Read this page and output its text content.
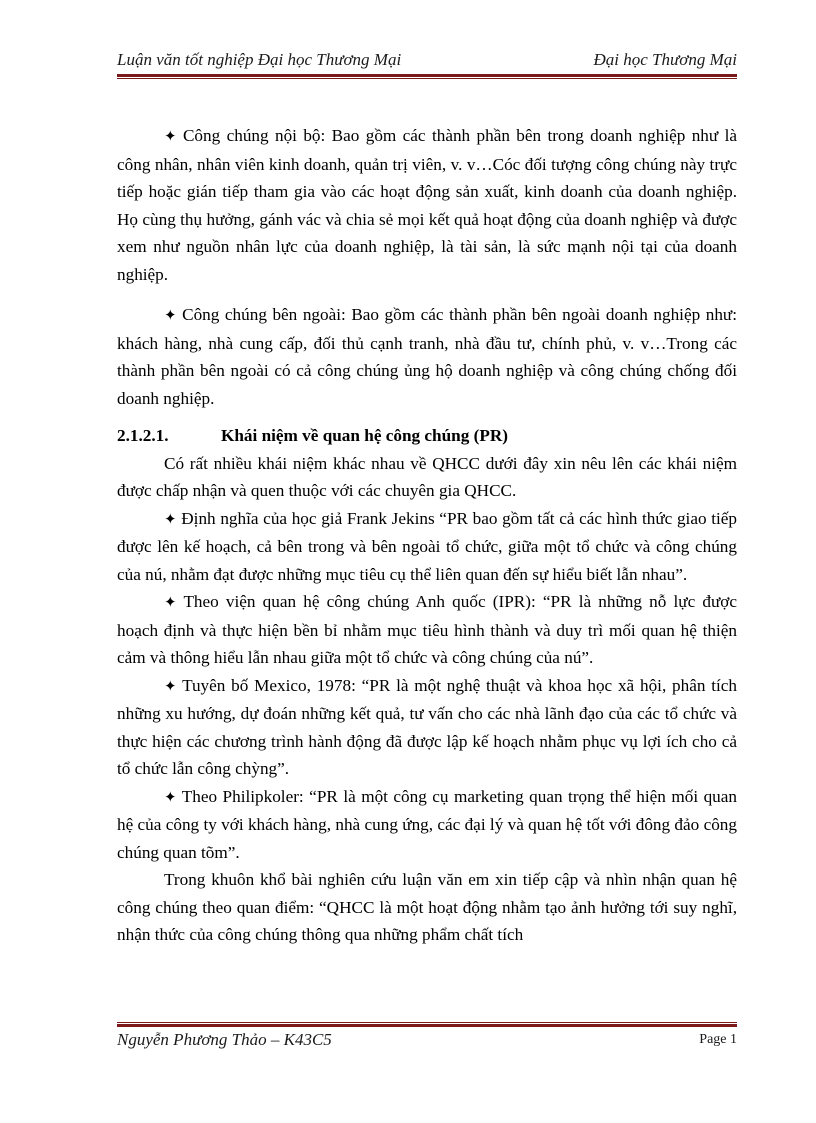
Luận văn tốt nghiệp Đại học Thương Mại	Đại học Thương Mại

✦ Công chúng nội bộ: Bao gồm các thành phần bên trong doanh nghiệp như là công nhân, nhân viên kinh doanh, quản trị viên, v. v…Cóc đối tượng công chúng này trực tiếp hoặc gián tiếp tham gia vào các hoạt động sản xuất, kinh doanh của doanh nghiệp. Họ cùng thụ hưởng, gánh vác và chia sẻ mọi kết quả hoạt động của doanh nghiệp và được xem như nguồn nhân lực của doanh nghiệp, là tài sản, là sức mạnh nội tại của doanh nghiệp.

✦ Công chúng bên ngoài: Bao gồm các thành phần bên ngoài doanh nghiệp như: khách hàng, nhà cung cấp, đối thủ cạnh tranh, nhà đầu tư, chính phủ, v. v…Trong các thành phần bên ngoài có cả công chúng ủng hộ doanh nghiệp và công chúng chống đối doanh nghiệp.

2.1.2.1.	Khái niệm về quan hệ công chúng (PR)

Có rất nhiều khái niệm khác nhau về QHCC dưới đây xin nêu lên các khái niệm được chấp nhận và quen thuộc với các chuyên gia QHCC.

✦ Định nghĩa của học giả Frank Jekins “PR bao gồm tất cả các hình thức giao tiếp được lên kế hoạch, cả bên trong và bên ngoài tổ chức, giữa một tổ chức và công chúng của nú, nhằm đạt được những mục tiêu cụ thể liên quan đến sự hiểu biết lẫn nhau”.

✦ Theo viện quan hệ công chúng Anh quốc (IPR): “PR là những nỗ lực được hoạch định và thực hiện bền bỉ nhằm mục tiêu hình thành và duy trì mối quan hệ thiện cảm và thông hiểu lẫn nhau giữa một tổ chức và công chúng của nú”.

✦ Tuyên bố Mexico, 1978: “PR là một nghệ thuật và khoa học xã hội, phân tích những xu hướng, dự đoán những kết quả, tư vấn cho các nhà lãnh đạo của các tổ chức và thực hiện các chương trình hành động đã được lập kế hoạch nhằm phục vụ lợi ích cho cả tổ chức lẫn công chỳng”.

✦ Theo Philipkoler: “PR là một công cụ marketing quan trọng thể hiện mối quan hệ của công ty với khách hàng, nhà cung ứng, các đại lý và quan hệ tốt với đông đảo công chúng quan tõm”.

Trong khuôn khổ bài nghiên cứu luận văn em xin tiếp cập và nhìn nhận quan hệ công chúng theo quan điểm: “QHCC là một hoạt động nhằm tạo ảnh hưởng tới suy nghĩ, nhận thức của công chúng thông qua những phẩm chất tích

Nguyễn Phương Thảo – K43C5	Page 1
